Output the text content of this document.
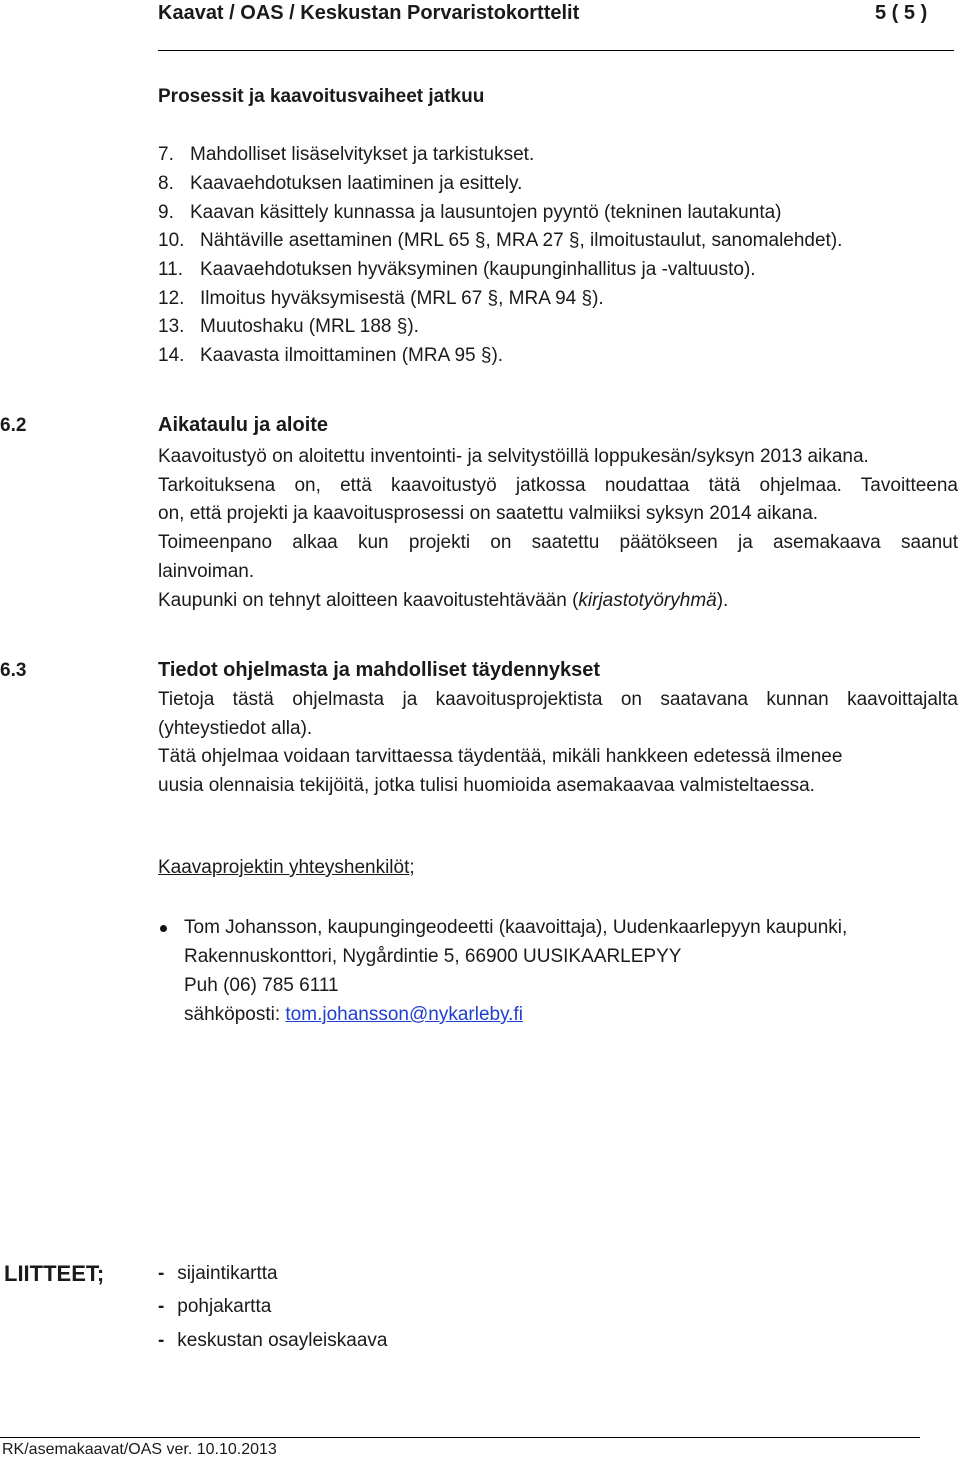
Kaavat / OAS / Keskustan Porvaristokorttelit	5 ( 5 )
Prosessit ja kaavoitusvaiheet jatkuu
7. Mahdolliset lisäselvitykset ja tarkistukset.
8. Kaavaehdotuksen laatiminen ja esittely.
9. Kaavan käsittely kunnassa ja lausuntojen pyyntö (tekninen lautakunta)
10. Nähtäville asettaminen (MRL 65 §, MRA 27 §, ilmoitustaulut, sanomalehdet).
11. Kaavaehdotuksen hyväksyminen (kaupunginhallitus ja -valtuusto).
12. Ilmoitus hyväksymisestä (MRL 67 §, MRA 94 §).
13. Muutoshaku (MRL 188 §).
14. Kaavasta ilmoittaminen (MRA 95 §).
6.2	Aikataulu ja aloite
Kaavoitustyö on aloitettu inventointi- ja selvitystöillä loppukesän/syksyn 2013 aikana.
Tarkoituksena on, että kaavoitustyö jatkossa noudattaa tätä ohjelmaa. Tavoitteena
on, että projekti ja kaavoitusprosessi on saatettu valmiiksi syksyn 2014 aikana.
Toimeenpano alkaa kun projekti on saatettu päätökseen ja asemakaava saanut
lainvoiman.
Kaupunki on tehnyt aloitteen kaavoitustehtävään (kirjastotyöryhmä).
6.3	Tiedot ohjelmasta ja mahdolliset täydennykset
Tietoja tästä ohjelmasta ja kaavoitusprojektista on saatavana kunnan kaavoittajalta
(yhteystiedot alla).
Tätä ohjelmaa voidaan tarvittaessa täydentää, mikäli hankkeen edetessä ilmenee
uusia olennaisia tekijöitä, jotka tulisi huomioida asemakaavaa valmisteltaessa.
Kaavaprojektin yhteyshenkilöt;
Tom Johansson, kaupungingeodeetti (kaavoittaja), Uudenkaarlepyyn kaupunki,
Rakennuskonttori, Nygårdintie 5, 66900 UUSIKAARLEPYY
Puh (06) 785 6111
sähköposti: tom.johansson@nykarleby.fi
LIITTEET;	- sijaintikartta
- pohjakartta
- keskustan osayleiskaava
RK/asemakaavat/OAS ver. 10.10.2013
